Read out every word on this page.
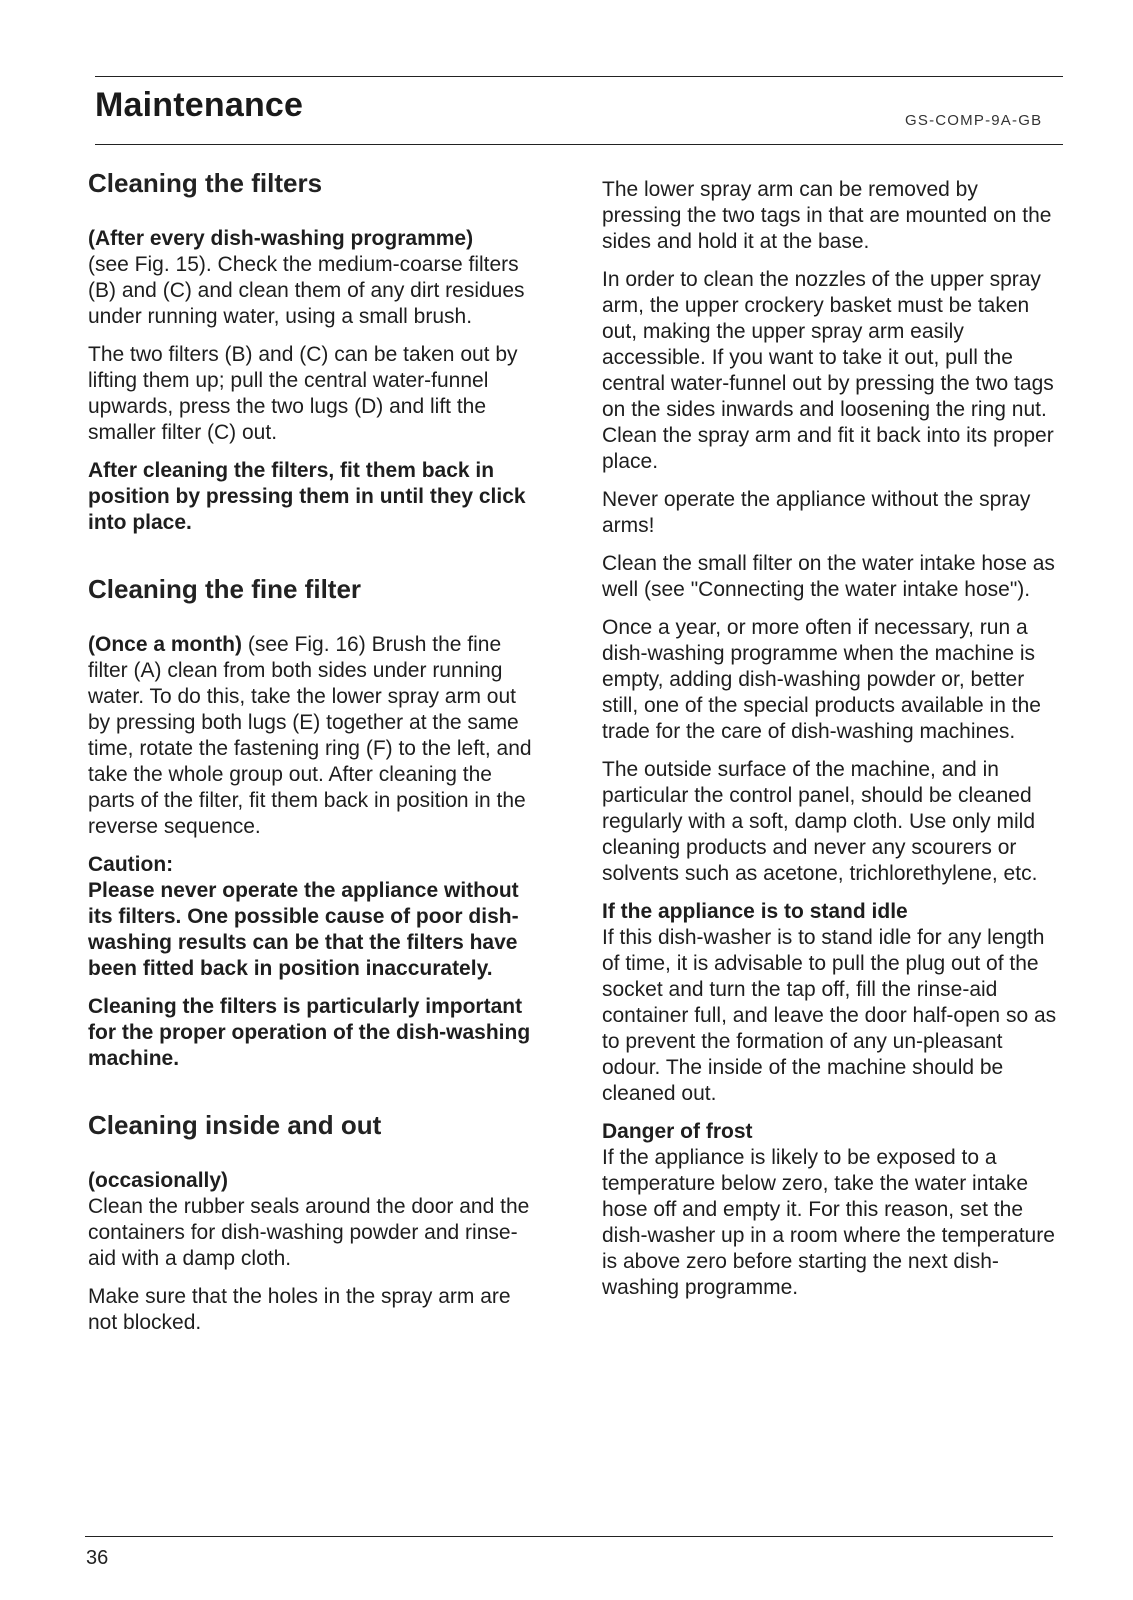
Maintenance	GS-COMP-9A-GB
Cleaning the filters

(After every dish-washing programme)
(see Fig. 15). Check the medium-coarse filters (B) and (C) and clean them of any dirt residues under running water, using a small brush.

The two filters (B) and (C) can be taken out by lifting them up; pull the central water-funnel upwards, press the two lugs (D) and lift the smaller filter (C) out.

After cleaning the filters, fit them back in position by pressing them in until they click into place.

Cleaning the fine filter

(Once a month) (see Fig. 16) Brush the fine filter (A) clean from both sides under running water. To do this, take the lower spray arm out by pressing both lugs (E) together at the same time, rotate the fastening ring (F) to the left, and take the whole group out. After cleaning the parts of the filter, fit them back in position in the reverse sequence.

Caution:
Please never operate the appliance without its filters. One possible cause of poor dish-washing results can be that the filters have been fitted back in position inaccurately.

Cleaning the filters is particularly important for the proper operation of the dish-washing machine.

Cleaning inside and out

(occasionally)
Clean the rubber seals around the door and the containers for dish-washing powder and rinse-aid with a damp cloth.

Make sure that the holes in the spray arm are not blocked.

The lower spray arm can be removed by pressing the two tags in that are mounted on the sides and hold it at the base.

In order to clean the nozzles of the upper spray arm, the upper crockery basket must be taken out, making the upper spray arm easily accessible. If you want to take it out, pull the central water-funnel out by pressing the two tags on the sides inwards and loosening the ring nut. Clean the spray arm and fit it back into its proper place.

Never operate the appliance without the spray arms!

Clean the small filter on the water intake hose as well (see "Connecting the water intake hose").

Once a year, or more often if necessary, run a dish-washing programme when the machine is empty, adding dish-washing powder or, better still, one of the special products available in the trade for the care of dish-washing machines.

The outside surface of the machine, and in particular the control panel, should be cleaned regularly with a soft, damp cloth. Use only mild cleaning products and never any scourers or solvents such as acetone, trichlorethylene, etc.

If the appliance is to stand idle
If this dish-washer is to stand idle for any length of time, it is advisable to pull the plug out of the socket and turn the tap off, fill the rinse-aid container full, and leave the door half-open so as to prevent the formation of any un-pleasant odour. The inside of the machine should be cleaned out.

Danger of frost
If the appliance is likely to be exposed to a temperature below zero, take the water intake hose off and empty it. For this reason, set the dish-washer up in a room where the temperature is above zero before starting the next dish-washing programme.

36
